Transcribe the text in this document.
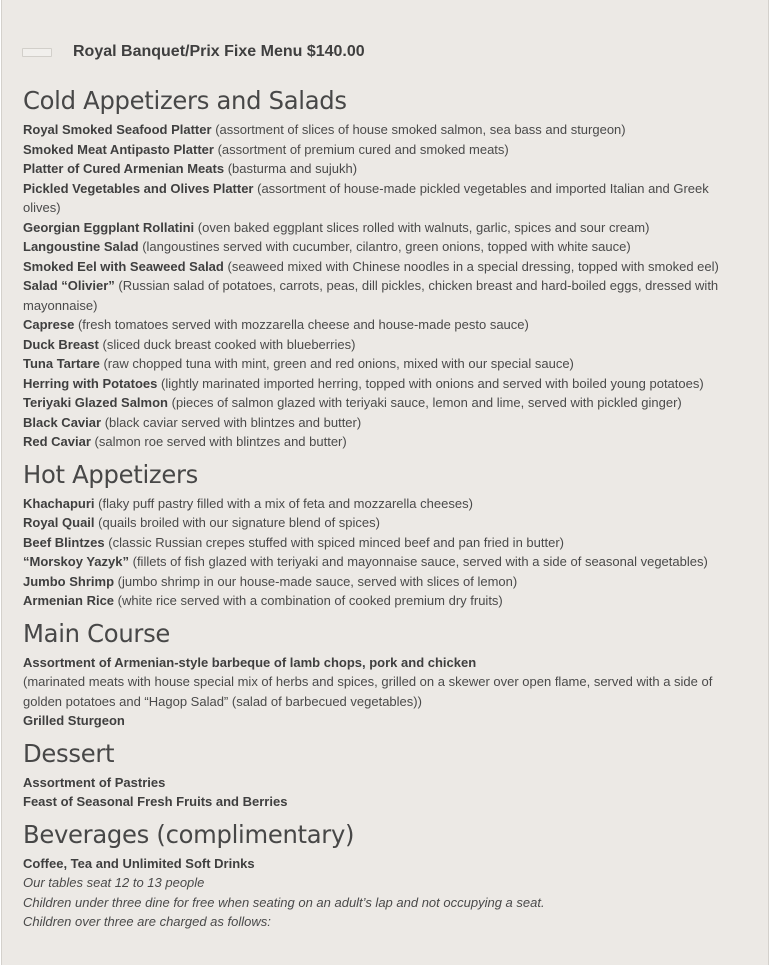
Royal Banquet/Prix Fixe Menu $140.00
Cold Appetizers and Salads
Royal Smoked Seafood Platter (assortment of slices of house smoked salmon, sea bass and sturgeon)
Smoked Meat Antipasto Platter (assortment of premium cured and smoked meats)
Platter of Cured Armenian Meats (basturma and sujukh)
Pickled Vegetables and Olives Platter (assortment of house-made pickled vegetables and imported Italian and Greek olives)
Georgian Eggplant Rollatini (oven baked eggplant slices rolled with walnuts, garlic, spices and sour cream)
Langoustine Salad (langoustines served with cucumber, cilantro, green onions, topped with white sauce)
Smoked Eel with Seaweed Salad (seaweed mixed with Chinese noodles in a special dressing, topped with smoked eel)
Salad “Olivier” (Russian salad of potatoes, carrots, peas, dill pickles, chicken breast and hard-boiled eggs, dressed with mayonnaise)
Caprese (fresh tomatoes served with mozzarella cheese and house-made pesto sauce)
Duck Breast (sliced duck breast cooked with blueberries)
Tuna Tartare (raw chopped tuna with mint, green and red onions, mixed with our special sauce)
Herring with Potatoes (lightly marinated imported herring, topped with onions and served with boiled young potatoes)
Teriyaki Glazed Salmon (pieces of salmon glazed with teriyaki sauce, lemon and lime, served with pickled ginger)
Black Caviar (black caviar served with blintzes and butter)
Red Caviar (salmon roe served with blintzes and butter)
Hot Appetizers
Khachapuri (flaky puff pastry filled with a mix of feta and mozzarella cheeses)
Royal Quail (quails broiled with our signature blend of spices)
Beef Blintzes (classic Russian crepes stuffed with spiced minced beef and pan fried in butter)
“Morskoy Yazyk” (fillets of fish glazed with teriyaki and mayonnaise sauce, served with a side of seasonal vegetables)
Jumbo Shrimp (jumbo shrimp in our house-made sauce, served with slices of lemon)
Armenian Rice (white rice served with a combination of cooked premium dry fruits)
Main Course
Assortment of Armenian-style barbeque of lamb chops, pork and chicken
(marinated meats with house special mix of herbs and spices, grilled on a skewer over open flame, served with a side of golden potatoes and “Hagop Salad” (salad of barbecued vegetables))
Grilled Sturgeon
Dessert
Assortment of Pastries
Feast of Seasonal Fresh Fruits and Berries
Beverages (complimentary)
Coffee, Tea and Unlimited Soft Drinks
Our tables seat 12 to 13 people
Children under three dine for free when seating on an adult’s lap and not occupying a seat.
Children over three are charged as follows:
